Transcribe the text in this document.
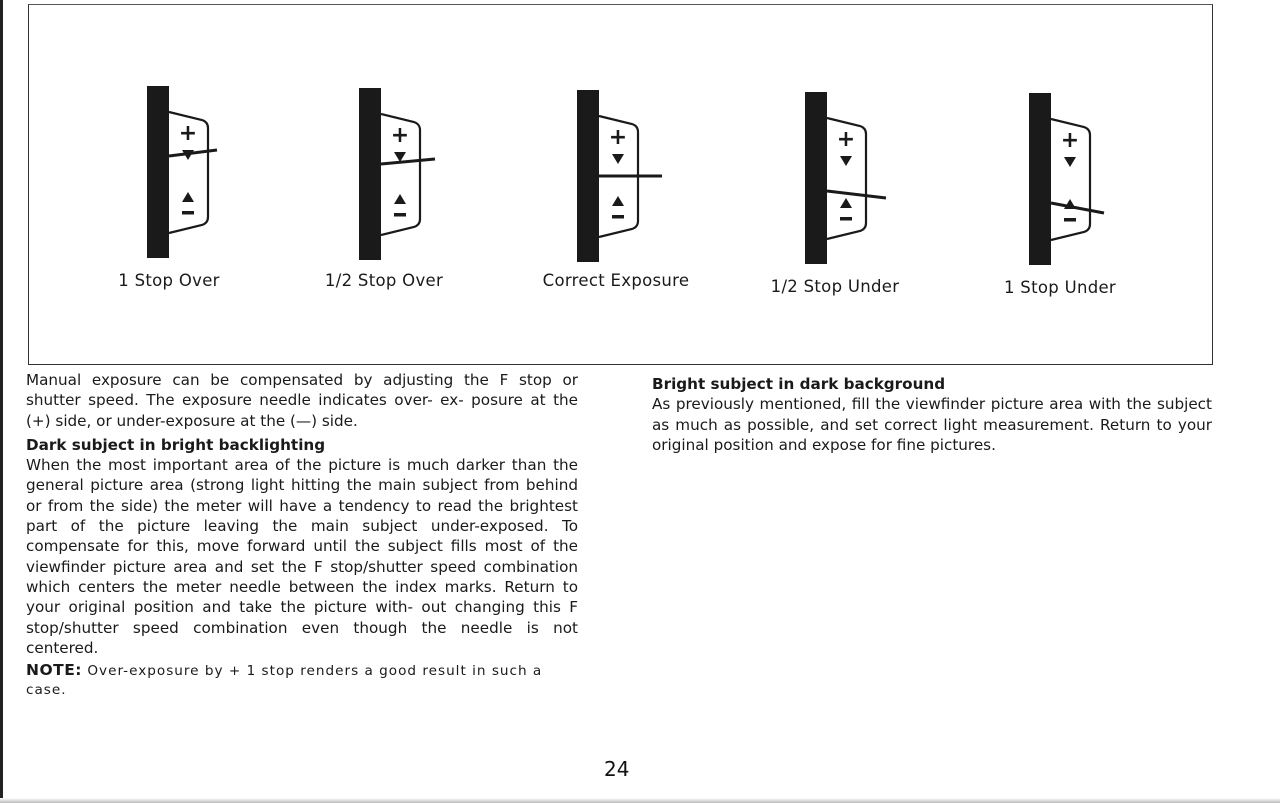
+	+	+	+	+
1 Stop Over	1/2 Stop Over	Correct Exposure	1/2 Stop Under	1 Stop Under

Manual exposure can be compensated by adjusting the F stop or shutter speed. The exposure needle indicates over- ex- posure at the (+) side, or under-exposure at the (—) side.

Dark subject in bright backlighting

When the most important area of the picture is much darker than the general picture area (strong light hitting the main subject from behind or from the side) the meter will have a tendency to read the brightest part of the picture leaving the main subject under-exposed. To compensate for this, move forward until the subject fills most of the viewfinder picture area and set the F stop/shutter speed combination which centers the meter needle between the index marks. Return to your original position and take the picture with- out changing this F stop/shutter speed combination even though the needle is not centered.

NOTE: Over-exposure by + 1 stop renders a good result in such a case.

Bright subject in dark background

As previously mentioned, fill the viewfinder picture area with the subject as much as possible, and set correct light measurement. Return to your original position and expose for fine pictures.

24
